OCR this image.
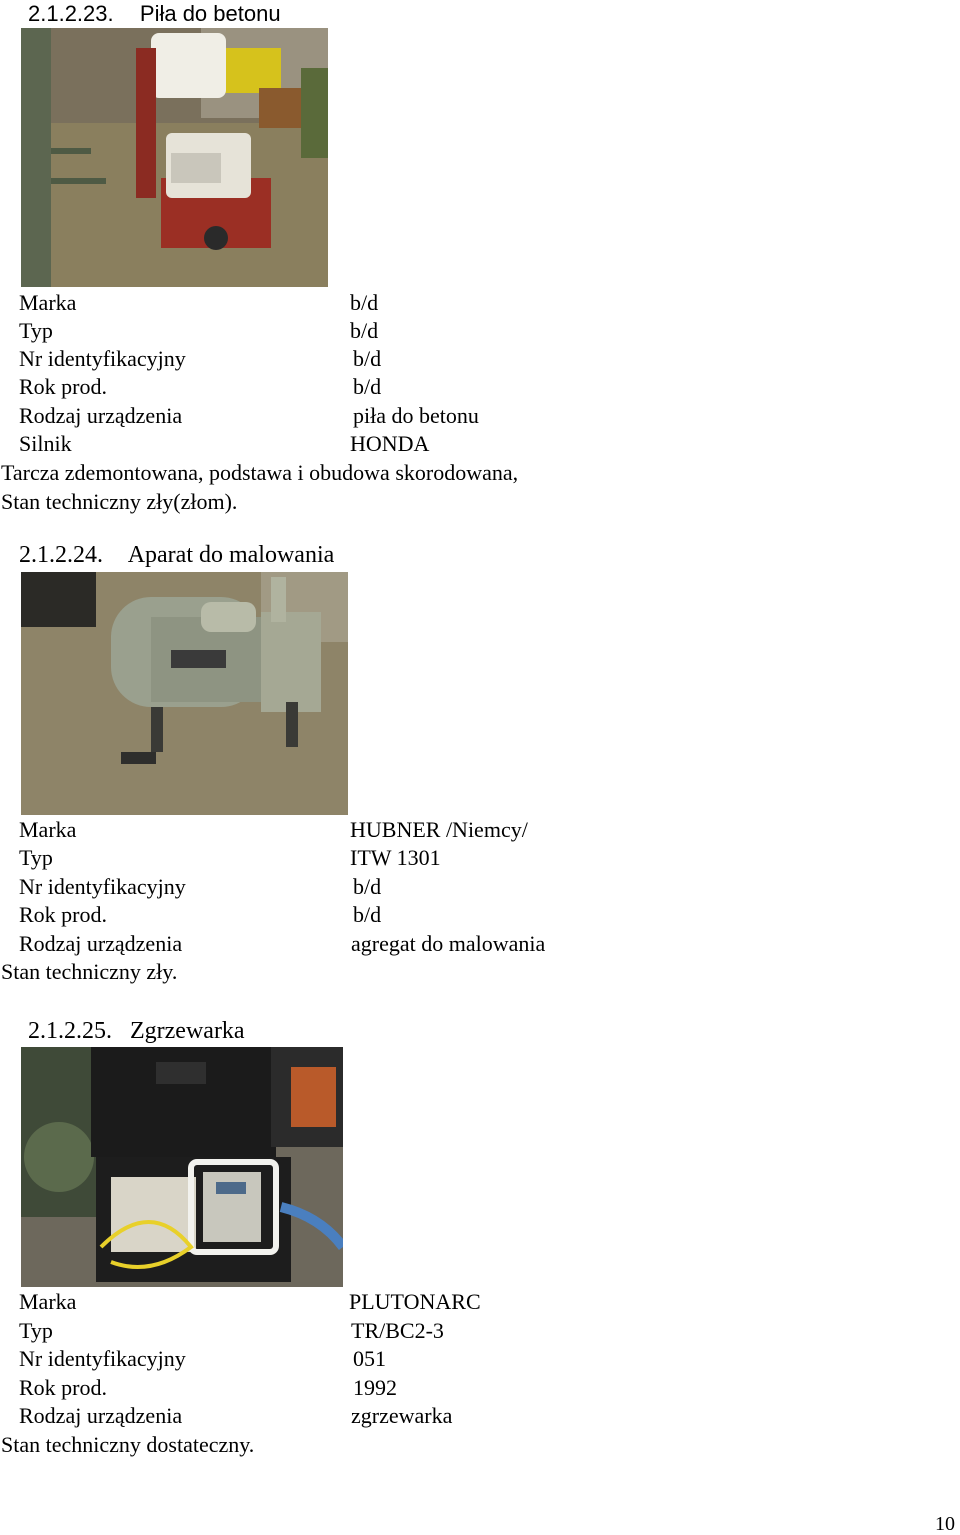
2.1.2.23. Piła do betonu
Marka	b/d
Typ	b/d
Nr identyfikacyjny	b/d
Rok prod.	b/d
Rodzaj urządzenia	piła do betonu
Silnik	HONDA
Tarcza zdemontowana, podstawa i obudowa skorodowana,
Stan techniczny zły(złom).
2.1.2.24. Aparat do malowania
Marka	HUBNER /Niemcy/
Typ	ITW 1301
Nr identyfikacyjny	b/d
Rok prod.	b/d
Rodzaj urządzenia	agregat do malowania
Stan techniczny zły.
2.1.2.25. Zgrzewarka
Marka	PLUTONARC
Typ	TR/BC2-3
Nr identyfikacyjny	051
Rok prod.	1992
Rodzaj urządzenia	zgrzewarka
Stan techniczny dostateczny.
10
